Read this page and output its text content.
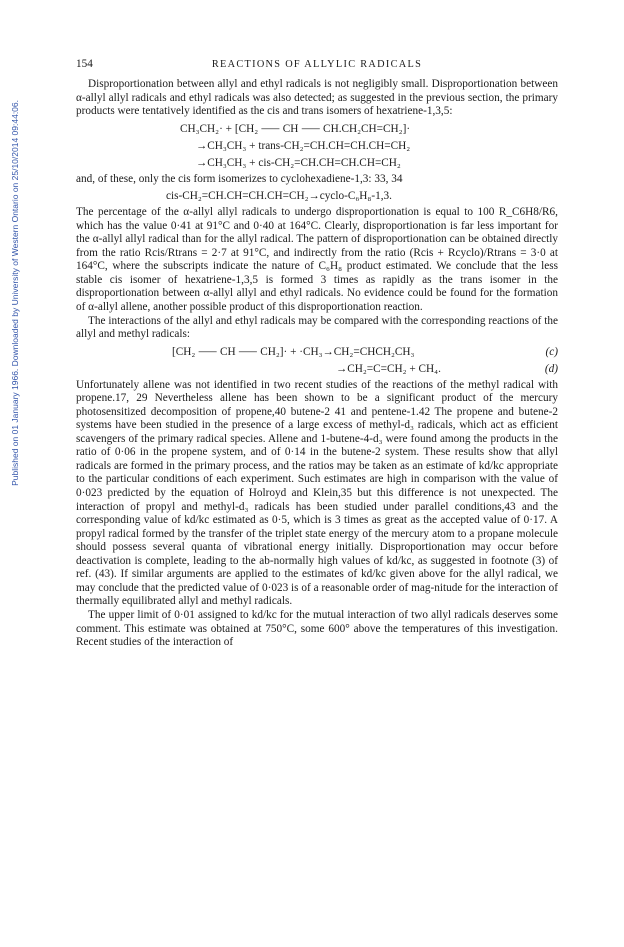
Published on 01 January 1966. Downloaded by University of Western Ontario on 25/10/2014 09:44:06.
154	REACTIONS OF ALLYLIC RADICALS

Disproportionation between allyl and ethyl radicals is not negligibly small. Disproportionation between α-allyl allyl radicals and ethyl radicals was also detected; as suggested in the previous section, the primary products were tentatively identified as the cis and trans isomers of hexatriene-1,3,5:

CH₃CH₂· + [CH₂ ⸺ CH ⸺ CH.CH₂CH=CH₂]·
→CH₃CH₃ + trans-CH₂=CH.CH=CH.CH=CH₂
→CH₃CH₃ + cis-CH₂=CH.CH=CH.CH=CH₂

and, of these, only the cis form isomerizes to cyclohexadiene-1,3: 33, 34

cis-CH₂=CH.CH=CH.CH=CH₂→cyclo-C₆H₈-1,3.

The percentage of the α-allyl allyl radicals to undergo disproportionation is equal to 100 R_C6H8/R6, which has the value 0·41 at 91°C and 0·40 at 164°C. Clearly, disproportionation is far less important for the α-allyl allyl radical than for the allyl radical. The pattern of disproportionation can be obtained directly from the ratio Rcis/Rtrans = 2·7 at 91°C, and indirectly from the ratio (Rcis + Rcyclo)/Rtrans = 3·0 at 164°C, where the subscripts indicate the nature of C₆H₈ product estimated. We conclude that the less stable cis isomer of hexatriene-1,3,5 is formed 3 times as rapidly as the trans isomer in the disproportionation between α-allyl allyl and ethyl radicals. No evidence could be found for the formation of α-allyl allene, another possible product of this disproportionation reaction.

The interactions of the allyl and ethyl radicals may be compared with the corresponding reactions of the allyl and methyl radicals:

[CH₂ ⸺ CH ⸺ CH₂]· + ·CH₃→CH₂=CHCH₂CH₃	(c)
→CH₂=C=CH₂ + CH₄.	(d)

Unfortunately allene was not identified in two recent studies of the reactions of the methyl radical with propene.17, 29 Nevertheless allene has been shown to be a significant product of the mercury photosensitized decomposition of propene,40 butene-2 41 and pentene-1.42 The propene and butene-2 systems have been studied in the presence of a large excess of methyl-d₃ radicals, which act as efficient scavengers of the primary radical species. Allene and 1-butene-4-d₃ were found among the products in the ratio of 0·06 in the propene system, and of 0·14 in the butene-2 system. These results show that allyl radicals are formed in the primary process, and the ratios may be taken as an estimate of kd/kc appropriate to the particular conditions of each experiment. Such estimates are high in comparison with the value of 0·023 predicted by the equation of Holroyd and Klein,35 but this difference is not unexpected. The interaction of propyl and methyl-d₃ radicals has been studied under parallel conditions,43 and the corresponding value of kd/kc estimated as 0·5, which is 3 times as great as the accepted value of 0·17. A propyl radical formed by the transfer of the triplet state energy of the mercury atom to a propane molecule should possess several quanta of vibrational energy initially. Disproportionation may occur before deactivation is complete, leading to the ab-normally high values of kd/kc, as suggested in footnote (3) of ref. (43). If similar arguments are applied to the estimates of kd/kc given above for the allyl radical, we may conclude that the predicted value of 0·023 is of a reasonable order of mag-nitude for the interaction of thermally equilibrated allyl and methyl radicals.

The upper limit of 0·01 assigned to kd/kc for the mutual interaction of two allyl radicals deserves some comment. This estimate was obtained at 750°C, some 600° above the temperatures of this investigation. Recent studies of the interaction of
